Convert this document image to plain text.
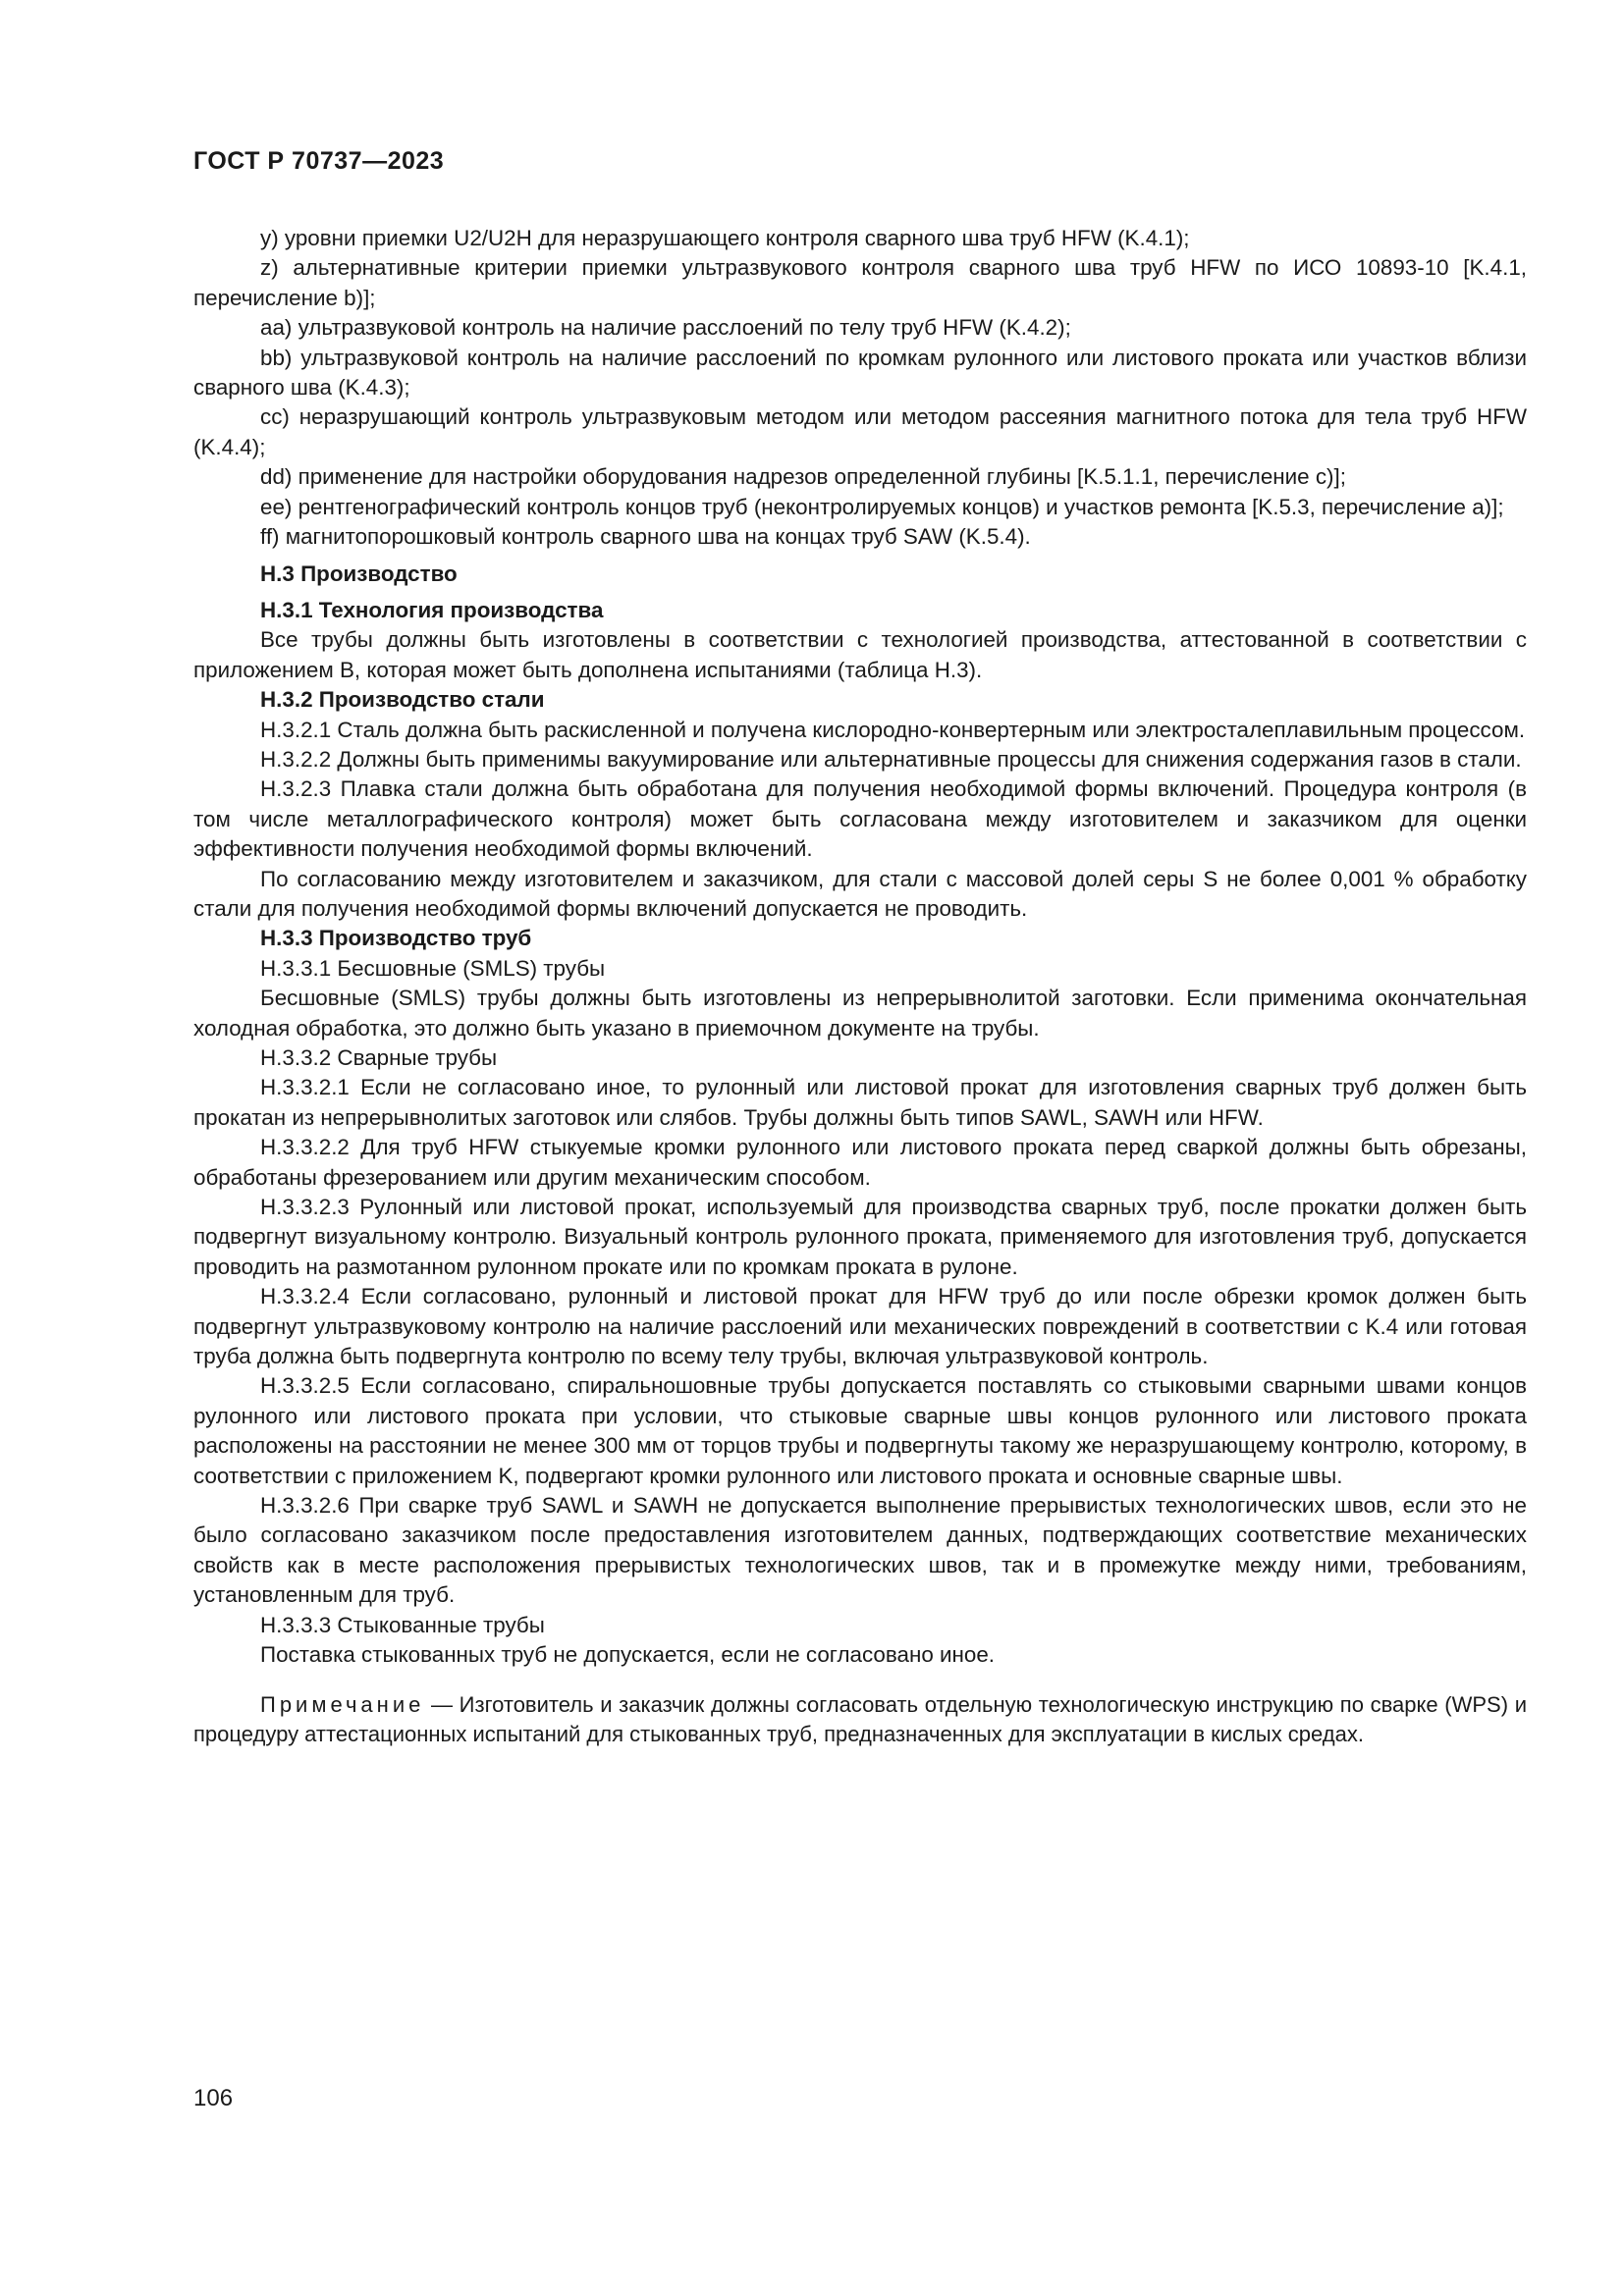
ГОСТ Р 70737—2023

y) уровни приемки U2/U2H для неразрушающего контроля сварного шва труб HFW (K.4.1);

z) альтернативные критерии приемки ультразвукового контроля сварного шва труб HFW по ИСО 10893-10 [K.4.1, перечисление b)];

aa) ультразвуковой контроль на наличие расслоений по телу труб HFW (K.4.2);

bb) ультразвуковой контроль на наличие расслоений по кромкам рулонного или листового проката или участков вблизи сварного шва (K.4.3);

cc) неразрушающий контроль ультразвуковым методом или методом рассеяния магнитного потока для тела труб HFW (K.4.4);

dd) применение для настройки оборудования надрезов определенной глубины [K.5.1.1, перечисление c)];

ee) рентгенографический контроль концов труб (неконтролируемых концов) и участков ремонта [K.5.3, перечисление a)];

ff) магнитопорошковый контроль сварного шва на концах труб SAW (K.5.4).

Н.3 Производство

Н.3.1 Технология производства

Все трубы должны быть изготовлены в соответствии с технологией производства, аттестованной в соответствии с приложением В, которая может быть дополнена испытаниями (таблица Н.3).

Н.3.2 Производство стали

Н.3.2.1 Сталь должна быть раскисленной и получена кислородно-конвертерным или электросталеплавильным процессом.

Н.3.2.2 Должны быть применимы вакуумирование или альтернативные процессы для снижения содержания газов в стали.

Н.3.2.3 Плавка стали должна быть обработана для получения необходимой формы включений. Процедура контроля (в том числе металлографического контроля) может быть согласована между изготовителем и заказчиком для оценки эффективности получения необходимой формы включений.

По согласованию между изготовителем и заказчиком, для стали с массовой долей серы S не более 0,001 % обработку стали для получения необходимой формы включений допускается не проводить.

Н.3.3 Производство труб

Н.3.3.1 Бесшовные (SMLS) трубы

Бесшовные (SMLS) трубы должны быть изготовлены из непрерывнолитой заготовки. Если применима окончательная холодная обработка, это должно быть указано в приемочном документе на трубы.

Н.3.3.2 Сварные трубы

Н.3.3.2.1 Если не согласовано иное, то рулонный или листовой прокат для изготовления сварных труб должен быть прокатан из непрерывнолитых заготовок или слябов. Трубы должны быть типов SAWL, SAWH или HFW.

Н.3.3.2.2 Для труб HFW стыкуемые кромки рулонного или листового проката перед сваркой должны быть обрезаны, обработаны фрезерованием или другим механическим способом.

Н.3.3.2.3 Рулонный или листовой прокат, используемый для производства сварных труб, после прокатки должен быть подвергнут визуальному контролю. Визуальный контроль рулонного проката, применяемого для изготовления труб, допускается проводить на размотанном рулонном прокате или по кромкам проката в рулоне.

Н.3.3.2.4 Если согласовано, рулонный и листовой прокат для HFW труб до или после обрезки кромок должен быть подвергнут ультразвуковому контролю на наличие расслоений или механических повреждений в соответствии с K.4 или готовая труба должна быть подвергнута контролю по всему телу трубы, включая ультразвуковой контроль.

Н.3.3.2.5 Если согласовано, спиральношовные трубы допускается поставлять со стыковыми сварными швами концов рулонного или листового проката при условии, что стыковые сварные швы концов рулонного или листового проката расположены на расстоянии не менее 300 мм от торцов трубы и подвергнуты такому же неразрушающему контролю, которому, в соответствии с приложением K, подвергают кромки рулонного или листового проката и основные сварные швы.

Н.3.3.2.6 При сварке труб SAWL и SAWH не допускается выполнение прерывистых технологических швов, если это не было согласовано заказчиком после предоставления изготовителем данных, подтверждающих соответствие механических свойств как в месте расположения прерывистых технологических швов, так и в промежутке между ними, требованиям, установленным для труб.

Н.3.3.3 Стыкованные трубы

Поставка стыкованных труб не допускается, если не согласовано иное.

Примечание — Изготовитель и заказчик должны согласовать отдельную технологическую инструкцию по сварке (WPS) и процедуру аттестационных испытаний для стыкованных труб, предназначенных для эксплуатации в кислых средах.

106
